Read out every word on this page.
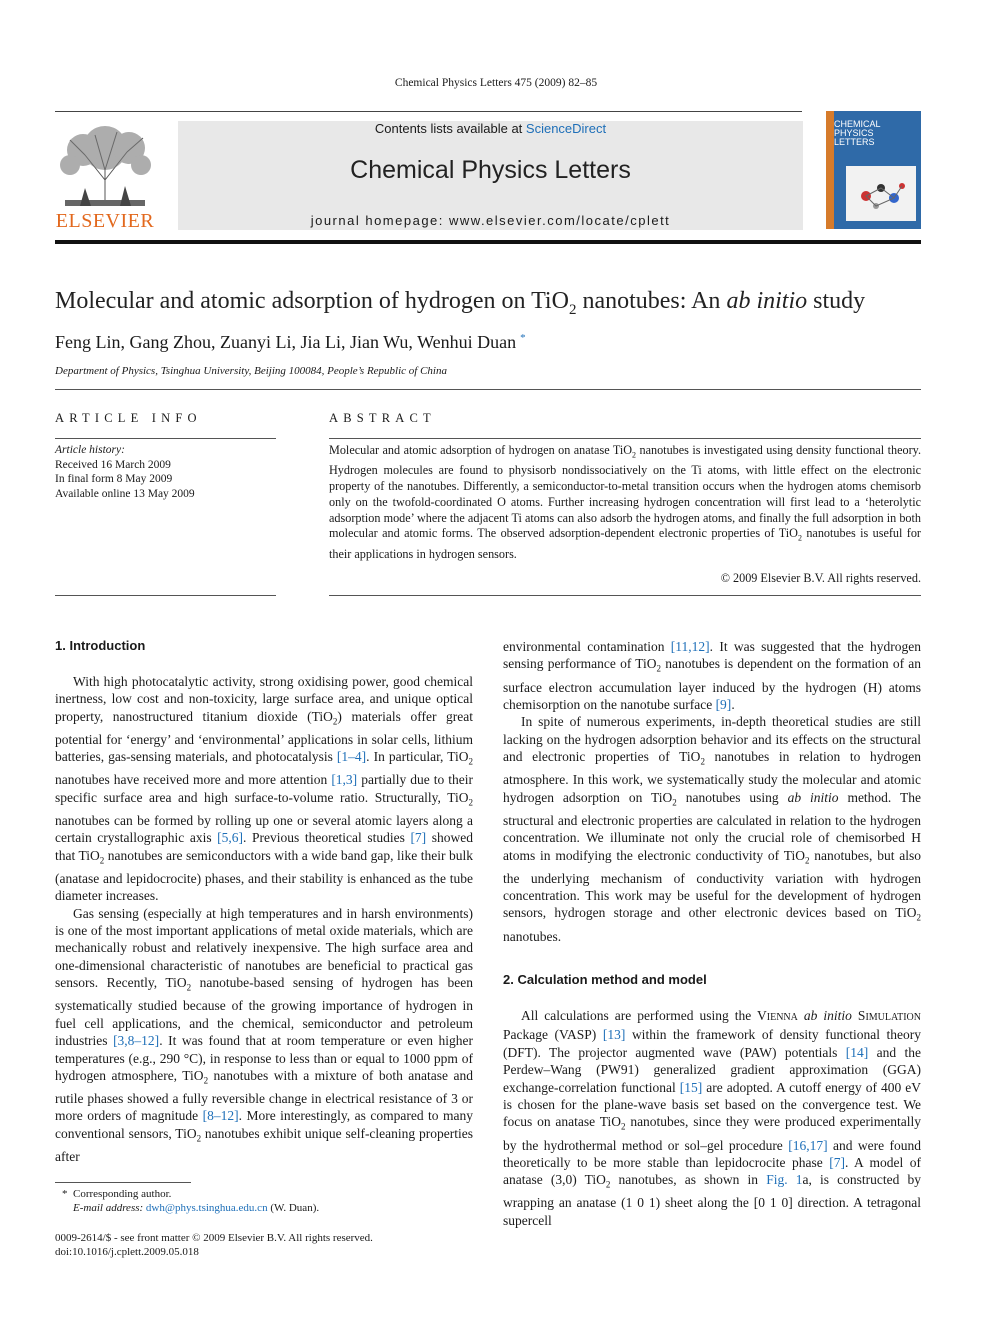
Chemical Physics Letters 475 (2009) 82–85
ELSEVIER
Contents lists available at ScienceDirect
Chemical Physics Letters
journal homepage: www.elsevier.com/locate/cplett
CHEMICAL
PHYSICS
LETTERS
Molecular and atomic adsorption of hydrogen on TiO$_2$ nanotubes: An ab initio study
Feng Lin, Gang Zhou, Zuanyi Li, Jia Li, Jian Wu, Wenhui Duan *
Department of Physics, Tsinghua University, Beijing 100084, People’s Republic of China
ARTICLE INFO
Article history:
Received 16 March 2009
In final form 8 May 2009
Available online 13 May 2009
ABSTRACT
Molecular and atomic adsorption of hydrogen on anatase TiO$_2$ nanotubes is investigated using density functional theory. Hydrogen molecules are found to physisorb nondissociatively on the Ti atoms, with little effect on the electronic property of the nanotubes. Differently, a semiconductor-to-metal transition occurs when the hydrogen atoms chemisorb only on the twofold-coordinated O atoms. Further increasing hydrogen concentration will first lead to a ‘heterolytic adsorption mode’ where the adjacent Ti atoms can also adsorb the hydrogen atoms, and finally the full adsorption in both molecular and atomic forms. The observed adsorption-dependent electronic properties of TiO$_2$ nanotubes is useful for their applications in hydrogen sensors.
© 2009 Elsevier B.V. All rights reserved.
1. Introduction

With high photocatalytic activity, strong oxidising power, good chemical inertness, low cost and non-toxicity, large surface area, and unique optical property, nanostructured titanium dioxide (TiO$_2$) materials offer great potential for ‘energy’ and ‘environmental’ applications in solar cells, lithium batteries, gas-sensing materials, and photocatalysis [1–4]. In particular, TiO$_2$ nanotubes have received more and more attention [1,3] partially due to their specific surface area and high surface-to-volume ratio. Structurally, TiO$_2$ nanotubes can be formed by rolling up one or several atomic layers along a certain crystallographic axis [5,6]. Previous theoretical studies [7] showed that TiO$_2$ nanotubes are semiconductors with a wide band gap, like their bulk (anatase and lepidocrocite) phases, and their stability is enhanced as the tube diameter increases.

Gas sensing (especially at high temperatures and in harsh environments) is one of the most important applications of metal oxide materials, which are mechanically robust and relatively inexpensive. The high surface area and one-dimensional characteristic of nanotubes are beneficial to practical gas sensors. Recently, TiO$_2$ nanotube-based sensing of hydrogen has been systematically studied because of the growing importance of hydrogen in fuel cell applications, and the chemical, semiconductor and petroleum industries [3,8–12]. It was found that at room temperature or even higher temperatures (e.g., 290 °C), in response to less than or equal to 1000 ppm of hydrogen atmosphere, TiO$_2$ nanotubes with a mixture of both anatase and rutile phases showed a fully reversible change in electrical resistance of 3 or more orders of magnitude [8–12]. More interestingly, as compared to many conventional sensors, TiO$_2$ nanotubes exhibit unique self-cleaning properties after

environmental contamination [11,12]. It was suggested that the hydrogen sensing performance of TiO$_2$ nanotubes is dependent on the formation of an surface electron accumulation layer induced by the hydrogen (H) atoms chemisorption on the nanotube surface [9].

In spite of numerous experiments, in-depth theoretical studies are still lacking on the hydrogen adsorption behavior and its effects on the structural and electronic properties of TiO$_2$ nanotubes in relation to hydrogen atmosphere. In this work, we systematically study the molecular and atomic hydrogen adsorption on TiO$_2$ nanotubes using ab initio method. The structural and electronic properties are calculated in relation to the hydrogen concentration. We illuminate not only the crucial role of chemisorbed H atoms in modifying the electronic conductivity of TiO$_2$ nanotubes, but also the underlying mechanism of conductivity variation with hydrogen concentration. This work may be useful for the development of hydrogen sensors, hydrogen storage and other electronic devices based on TiO$_2$ nanotubes.

2. Calculation method and model

All calculations are performed using the VIENNA ab initio SIMULATION Package (VASP) [13] within the framework of density functional theory (DFT). The projector augmented wave (PAW) potentials [14] and the Perdew–Wang (PW91) generalized gradient approximation (GGA) exchange-correlation functional [15] are adopted. A cutoff energy of 400 eV is chosen for the plane-wave basis set based on the convergence test. We focus on anatase TiO$_2$ nanotubes, since they were produced experimentally by the hydrothermal method or sol–gel procedure [16,17] and were found theoretically to be more stable than lepidocrocite phase [7]. A model of anatase (3,0) TiO$_2$ nanotubes, as shown in Fig. 1a, is constructed by wrapping an anatase (1 0 1) sheet along the [0 1 0] direction. A tetragonal supercell

* Corresponding author.
E-mail address: dwh@phys.tsinghua.edu.cn (W. Duan).
0009-2614/$ - see front matter © 2009 Elsevier B.V. All rights reserved.
doi:10.1016/j.cplett.2009.05.018
